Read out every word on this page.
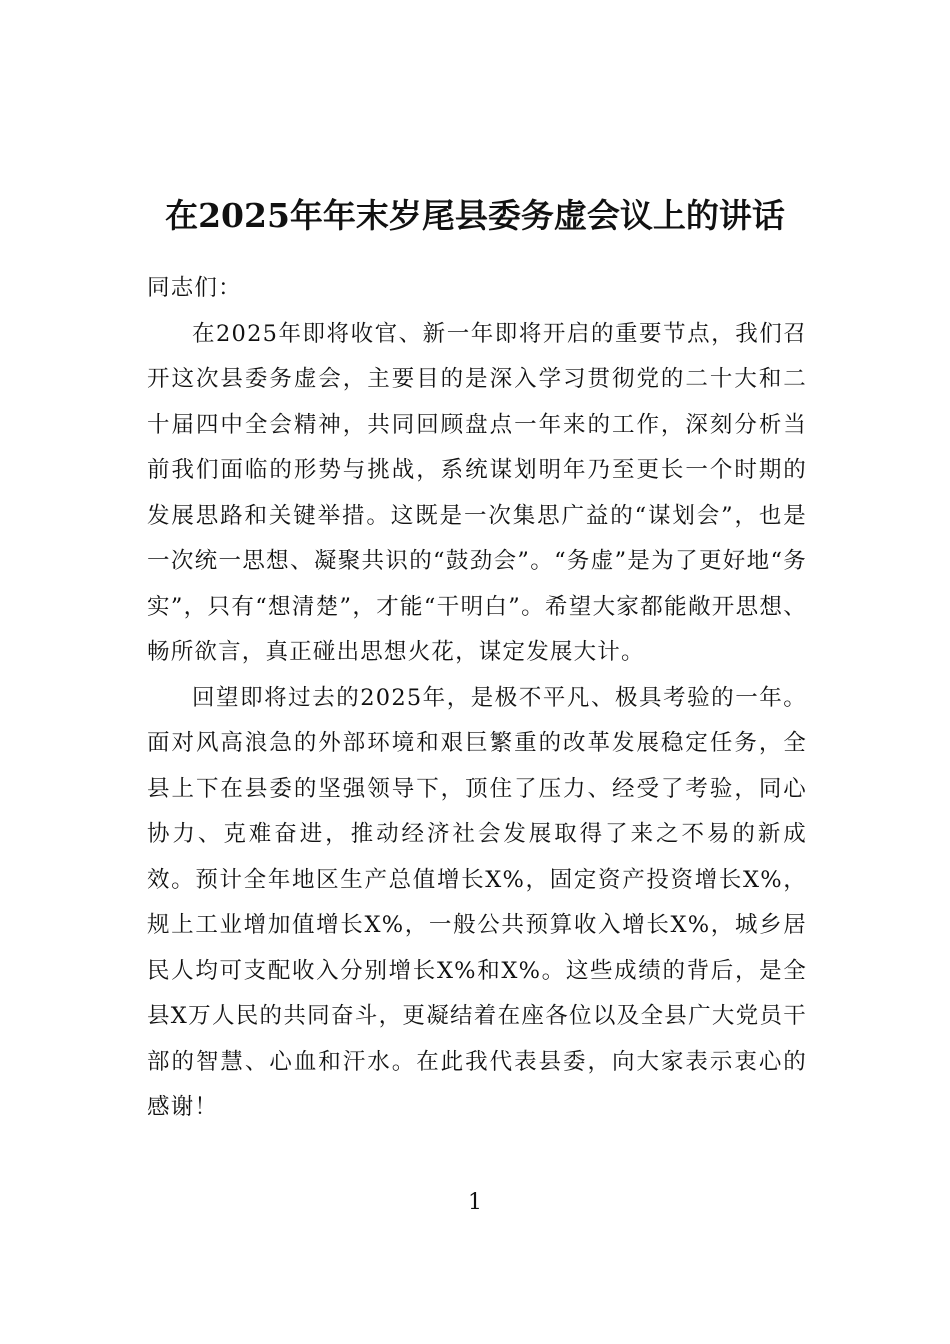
在2025年年末岁尾县委务虚会议上的讲话

同志们：

在2025年即将收官、新一年即将开启的重要节点，我们召开这次县委务虚会，主要目的是深入学习贯彻党的二十大和二十届四中全会精神，共同回顾盘点一年来的工作，深刻分析当前我们面临的形势与挑战，系统谋划明年乃至更长一个时期的发展思路和关键举措。这既是一次集思广益的“谋划会”，也是一次统一思想、凝聚共识的“鼓劲会”。“务虚”是为了更好地“务实”，只有“想清楚”，才能“干明白”。希望大家都能敞开思想、畅所欲言，真正碰出思想火花，谋定发展大计。

回望即将过去的2025年，是极不平凡、极具考验的一年。面对风高浪急的外部环境和艰巨繁重的改革发展稳定任务，全县上下在县委的坚强领导下，顶住了压力、经受了考验，同心协力、克难奋进，推动经济社会发展取得了来之不易的新成效。预计全年地区生产总值增长X%，固定资产投资增长X%，规上工业增加值增长X%，一般公共预算收入增长X%，城乡居民人均可支配收入分别增长X%和X%。这些成绩的背后，是全县X万人民的共同奋斗，更凝结着在座各位以及全县广大党员干部的智慧、心血和汗水。在此我代表县委，向大家表示衷心的感谢！

1
